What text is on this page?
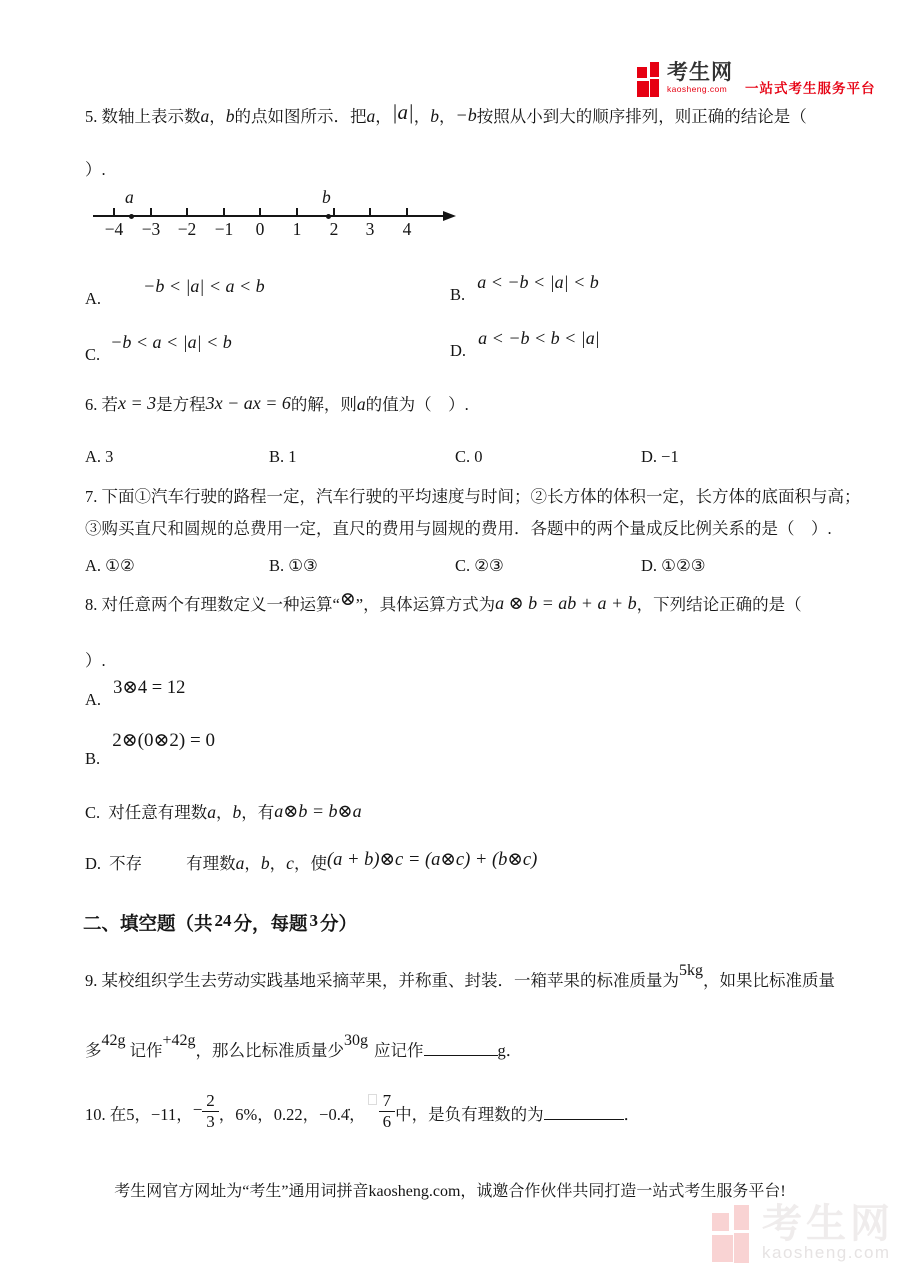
考生网
kaosheng.com	一站式考生服务平台
5. 数轴上表示数a，b的点如图所示．把a，|a|，b，−b按照从小到大的顺序排列，则正确的结论是（
）.
−4 −3 −2 −1	0	1	2	3	4
a	b
A. −b < |a| < a < b	B. a < −b < |a| < b
C. −b < a < |a| < b	D. a < −b < b < |a|
6. 若x = 3是方程3x − ax = 6的解，则a的值为（　）.
A. 3	B. 1	C. 0	D. −1
7. 下面①汽车行驶的路程一定，汽车行驶的平均速度与时间；②长方体的体积一定，长方体的底面积与高；
③购买直尺和圆规的总费用一定，直尺的费用与圆规的费用．各题中的两个量成反比例关系的是（　）.
A. ①②	B. ①③	C. ②③	D. ①②③
8. 对任意两个有理数定义一种运算“⊗”，具体运算方式为a ⊗ b = ab + a + b，下列结论正确的是（
）.
A. 3⊗4 = 12
B. 2⊗(0⊗2) = 0
C. 对任意有理数a，b，有a⊗b = b⊗a
D. 不存	有理数a，b，c，使(a + b)⊗c = (a⊗c) + (b⊗c)
二、填空题（共 24 分，每题 3 分）
9. 某校组织学生去劳动实践基地采摘苹果，并称重、封装．一箱苹果的标准质量为5kg，如果比标准质量
多42g记作+42g，那么比标准质量少30g应记作	g．
10. 在5，−11，− $\frac{2}{3}$ ，6%，0.22，−0.4̇， $\frac{7}{6}$ 中，是负有理数的为	．
考生网官方网址为“考生”通用词拼音kaosheng.com，诚邀合作伙伴共同打造一站式考生服务平台!
考生网
kaosheng.com
